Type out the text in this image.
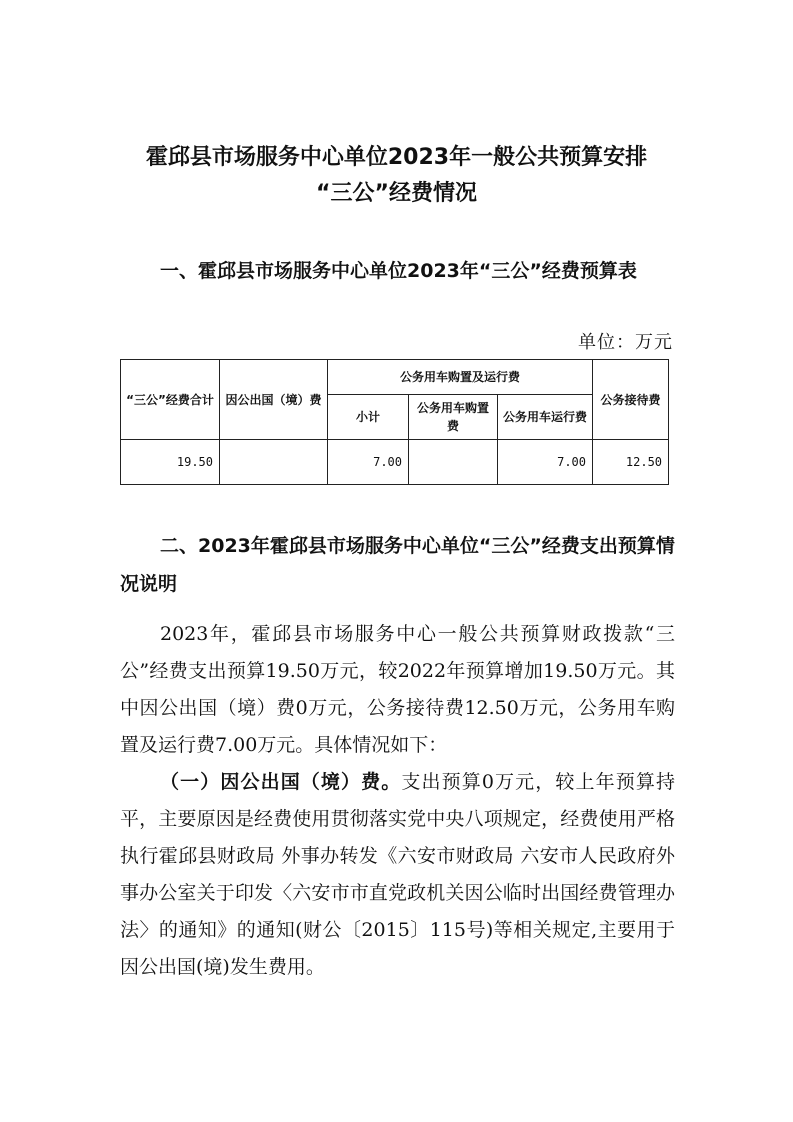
霍邱县市场服务中心单位2023年一般公共预算安排
“三公”经费情况
一、霍邱县市场服务中心单位2023年“三公”经费预算表
单位：万元
“三公”经费合计	因公出国（境）费	公务用车购置及运行费			公务接待费
		小计	公务用车购置费	公务用车运行费	
19.50		7.00		7.00	12.50
二、2023年霍邱县市场服务中心单位“三公”经费支出预算情况说明

2023年，霍邱县市场服务中心一般公共预算财政拨款“三公”经费支出预算19.50万元，较2022年预算增加19.50万元。其中因公出国（境）费0万元，公务接待费12.50万元，公务用车购置及运行费7.00万元。具体情况如下：

（一）因公出国（境）费。支出预算0万元，较上年预算持平，主要原因是经费使用贯彻落实党中央八项规定，经费使用严格执行霍邱县财政局 外事办转发《六安市财政局 六安市人民政府外事办公室关于印发〈六安市市直党政机关因公临时出国经费管理办法〉的通知》的通知(财公〔2015〕115号)等相关规定,主要用于因公出国(境)发生费用。
